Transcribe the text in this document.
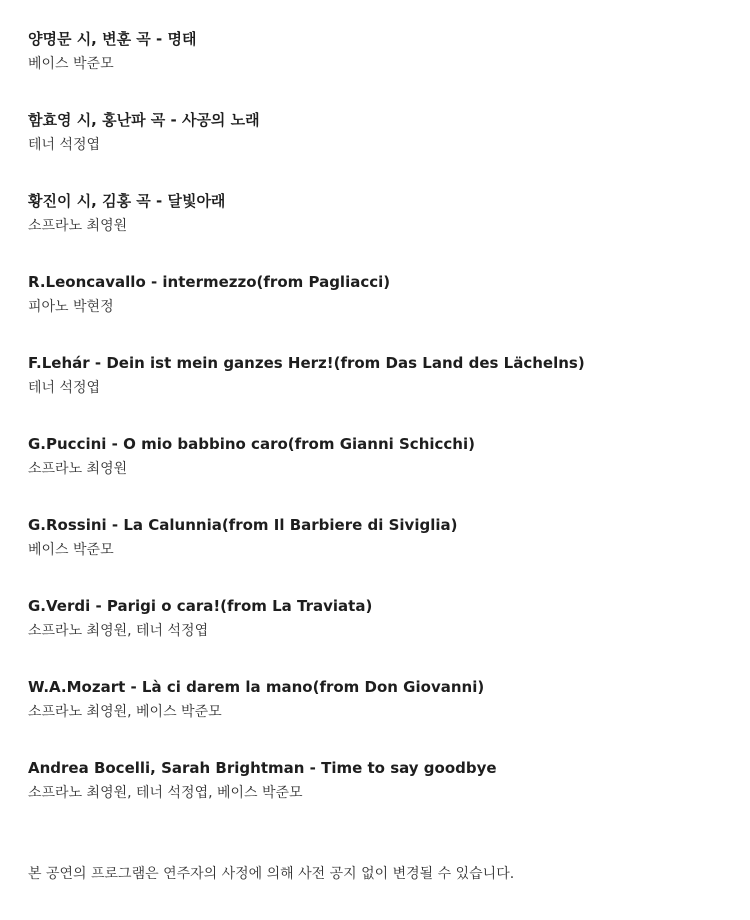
양명문 시, 변훈 곡 - 명태
베이스 박준모
함효영 시, 홍난파 곡 - 사공의 노래
테너 석정엽
황진이 시, 김홍 곡 - 달빛아래
소프라노 최영원
R.Leoncavallo - intermezzo(from Pagliacci)
피아노 박현정
F.Lehár - Dein ist mein ganzes Herz!(from Das Land des Lächelns)
테너 석정엽
G.Puccini - O mio babbino caro(from Gianni Schicchi)
소프라노 최영원
G.Rossini - La Calunnia(from Il Barbiere di Siviglia)
베이스 박준모
G.Verdi - Parigi o cara!(from La Traviata)
소프라노 최영원, 테너 석정엽
W.A.Mozart - Là ci darem la mano(from Don Giovanni)
소프라노 최영원, 베이스 박준모
Andrea Bocelli, Sarah Brightman - Time to say goodbye
소프라노 최영원, 테너 석정엽, 베이스 박준모
본 공연의 프로그램은 연주자의 사정에 의해 사전 공지 없이 변경될 수 있습니다.
